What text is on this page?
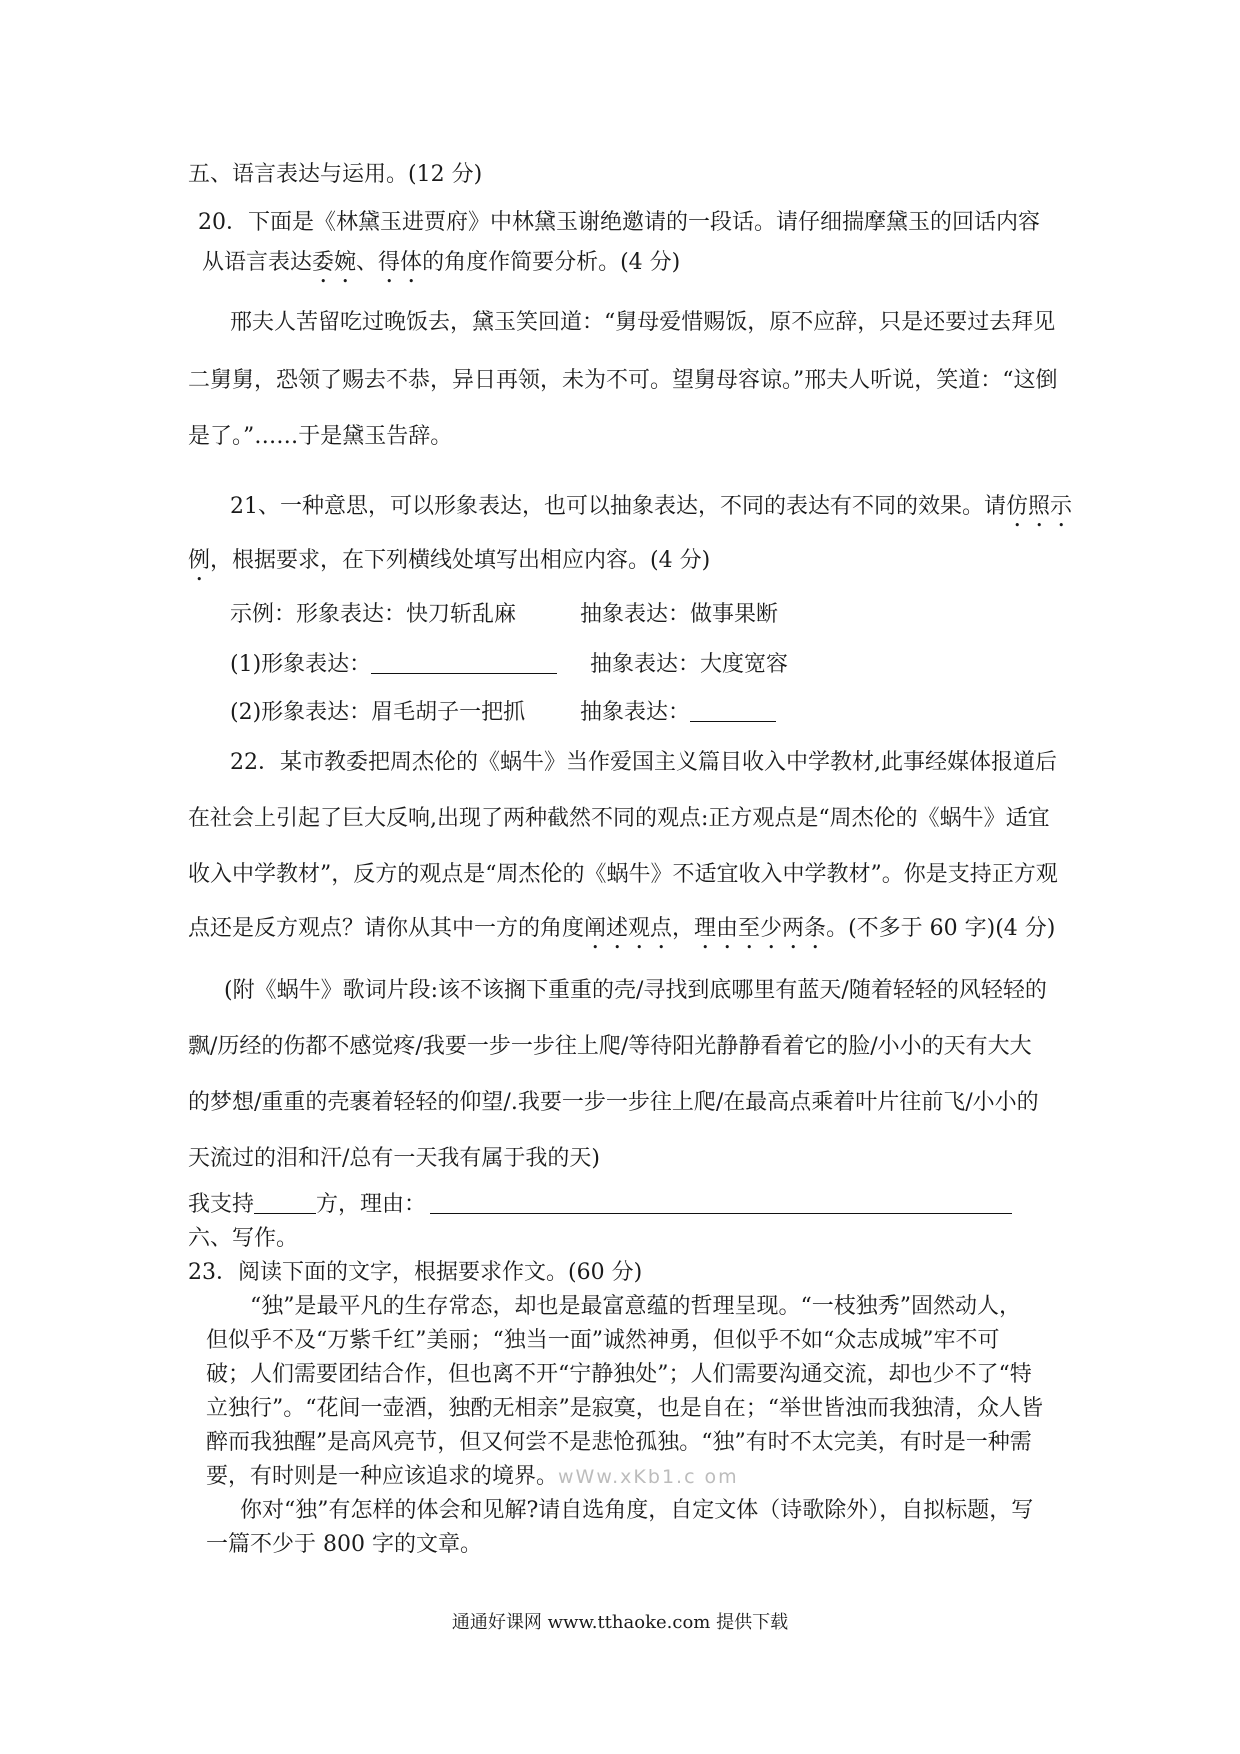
五、语言表达与运用。(12 分)
20．下面是《林黛玉进贾府》中林黛玉谢绝邀请的一段话。请仔细揣摩黛玉的回话内容
从语言表达委婉、得体的角度作简要分析。(4 分)
邢夫人苦留吃过晚饭去，黛玉笑回道：“舅母爱惜赐饭，原不应辞，只是还要过去拜见
二舅舅，恐领了赐去不恭，异日再领，未为不可。望舅母容谅。”邢夫人听说，笑道：“这倒
是了。”……于是黛玉告辞。
21、一种意思，可以形象表达，也可以抽象表达，不同的表达有不同的效果。请仿照示
例，根据要求，在下列横线处填写出相应内容。(4 分)
示例：形象表达：快刀斩乱麻	抽象表达：做事果断
(1)形象表达：	抽象表达：大度宽容
(2)形象表达：眉毛胡子一把抓 抽象表达：
22．某市教委把周杰伦的《蜗牛》当作爱国主义篇目收入中学教材,此事经媒体报道后
在社会上引起了巨大反响,出现了两种截然不同的观点:正方观点是“周杰伦的《蜗牛》适宜
收入中学教材”，反方的观点是“周杰伦的《蜗牛》不适宜收入中学教材”。你是支持正方观
点还是反方观点？请你从其中一方的角度阐述观点，理由至少两条。(不多于 60 字)(4 分)
(附《蜗牛》歌词片段:该不该搁下重重的壳/寻找到底哪里有蓝天/随着轻轻的风轻轻的
飘/历经的伤都不感觉疼/我要一步一步往上爬/等待阳光静静看着它的脸/小小的天有大大
的梦想/重重的壳裹着轻轻的仰望/.我要一步一步往上爬/在最高点乘着叶片往前飞/小小的
天流过的泪和汗/总有一天我有属于我的天)
我支持	方，理由：
六、写作。
23．阅读下面的文字，根据要求作文。(60 分)
“独”是最平凡的生存常态，却也是最富意蕴的哲理呈现。“一枝独秀”固然动人，
但似乎不及“万紫千红”美丽；“独当一面”诚然神勇，但似乎不如“众志成城”牢不可
破；人们需要团结合作，但也离不开“宁静独处”；人们需要沟通交流，却也少不了“特
立独行”。“花间一壶酒，独酌无相亲”是寂寞，也是自在；“举世皆浊而我独清，众人皆
醉而我独醒”是高风亮节，但又何尝不是悲怆孤独。“独”有时不太完美，有时是一种需
要，有时则是一种应该追求的境界。wWw.xKb1.c om
你对“独”有怎样的体会和见解?请自选角度，自定文体（诗歌除外），自拟标题，写
一篇不少于 800 字的文章。
通通好课网 www.tthaoke.com 提供下载
